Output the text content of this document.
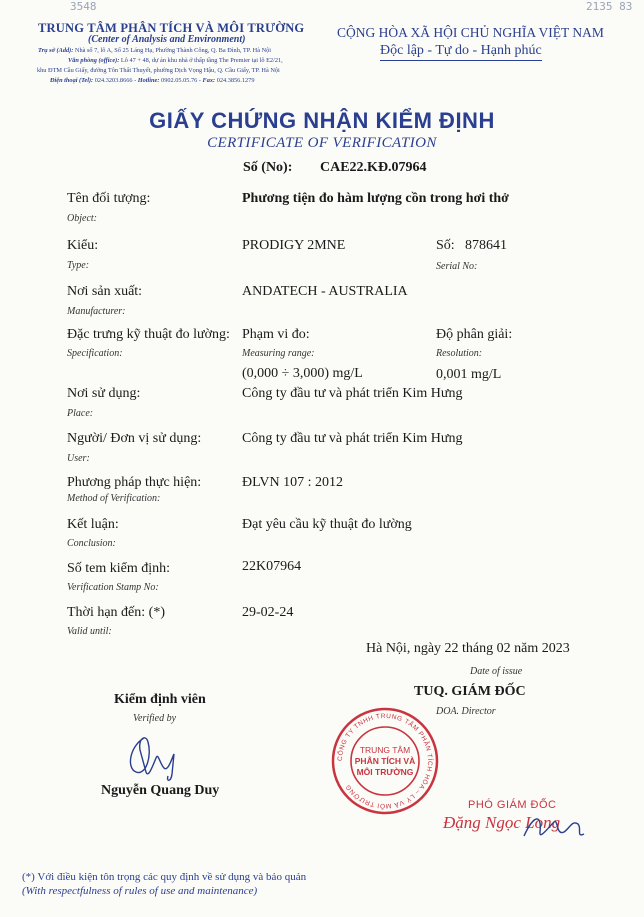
3548	2135 83
TRUNG TÂM PHÂN TÍCH VÀ MÔI TRƯỜNG
(Center of Analysis and Environment)
Trụ sở (Add): Nhà số 7, lô A, Số 25 Láng Hạ, Phường Thành Công, Q. Ba Đình, TP. Hà Nội
Văn phòng (office): Lô 47 + 48, dự án khu nhà ở thấp tầng The Premier tại lô E2/21,
khu ĐTM Cầu Giấy, đường Tôn Thất Thuyết, phường Dịch Vọng Hậu, Q. Cầu Giấy, TP. Hà Nội
Điện thoại (Tel): 024.3203.8666 - Hotline: 0902.05.05.76 - Fax: 024.3856.1279
CỘNG HÒA XÃ HỘI CHỦ NGHĨA VIỆT NAM
Độc lập - Tự do - Hạnh phúc
GIẤY CHỨNG NHẬN KIỂM ĐỊNH
CERTIFICATE OF VERIFICATION
Số (No): CAE22.KĐ.07964
Tên đối tượng:
Object:
Phương tiện đo hàm lượng cồn trong hơi thở
Kiểu:
Type:
PRODIGY 2MNE	Số: 878641
Serial No:
Nơi sản xuất:
Manufacturer:
ANDATECH - AUSTRALIA
Đặc trưng kỹ thuật đo lường:
Specification:
Phạm vi đo:
Measuring range:
(0,000 ÷ 3,000) mg/L
Độ phân giải:
Resolution:
0,001 mg/L
Nơi sử dụng:
Place:
Công ty đầu tư và phát triển Kim Hưng
Người/ Đơn vị sử dụng:
User:
Công ty đầu tư và phát triển Kim Hưng
Phương pháp thực hiện:
Method of Verification:
ĐLVN 107 : 2012
Kết luận:
Conclusion:
Đạt yêu cầu kỹ thuật đo lường
Số tem kiểm định:
Verification Stamp No:
22K07964
Thời hạn đến: (*)
Valid until:
29-02-24
Hà Nội, ngày 22 tháng 02 năm 2023
Date of issue
TUQ. GIÁM ĐỐC
DOA. Director
Kiểm định viên
Verified by
Nguyễn Quang Duy
CÔNG TY TNHH TRUNG TÂM PHÂN TÍCH HÓA – LÝ VÀ MÔI TRƯỜNG
TRUNG TÂM
PHÂN TÍCH VÀ
MÔI TRƯỜNG
PHÓ GIÁM ĐỐC
Đặng Ngọc Long
(*) Với điều kiện tôn trọng các quy định về sử dụng và bảo quản
(With respectfulness of rules of use and maintenance)
